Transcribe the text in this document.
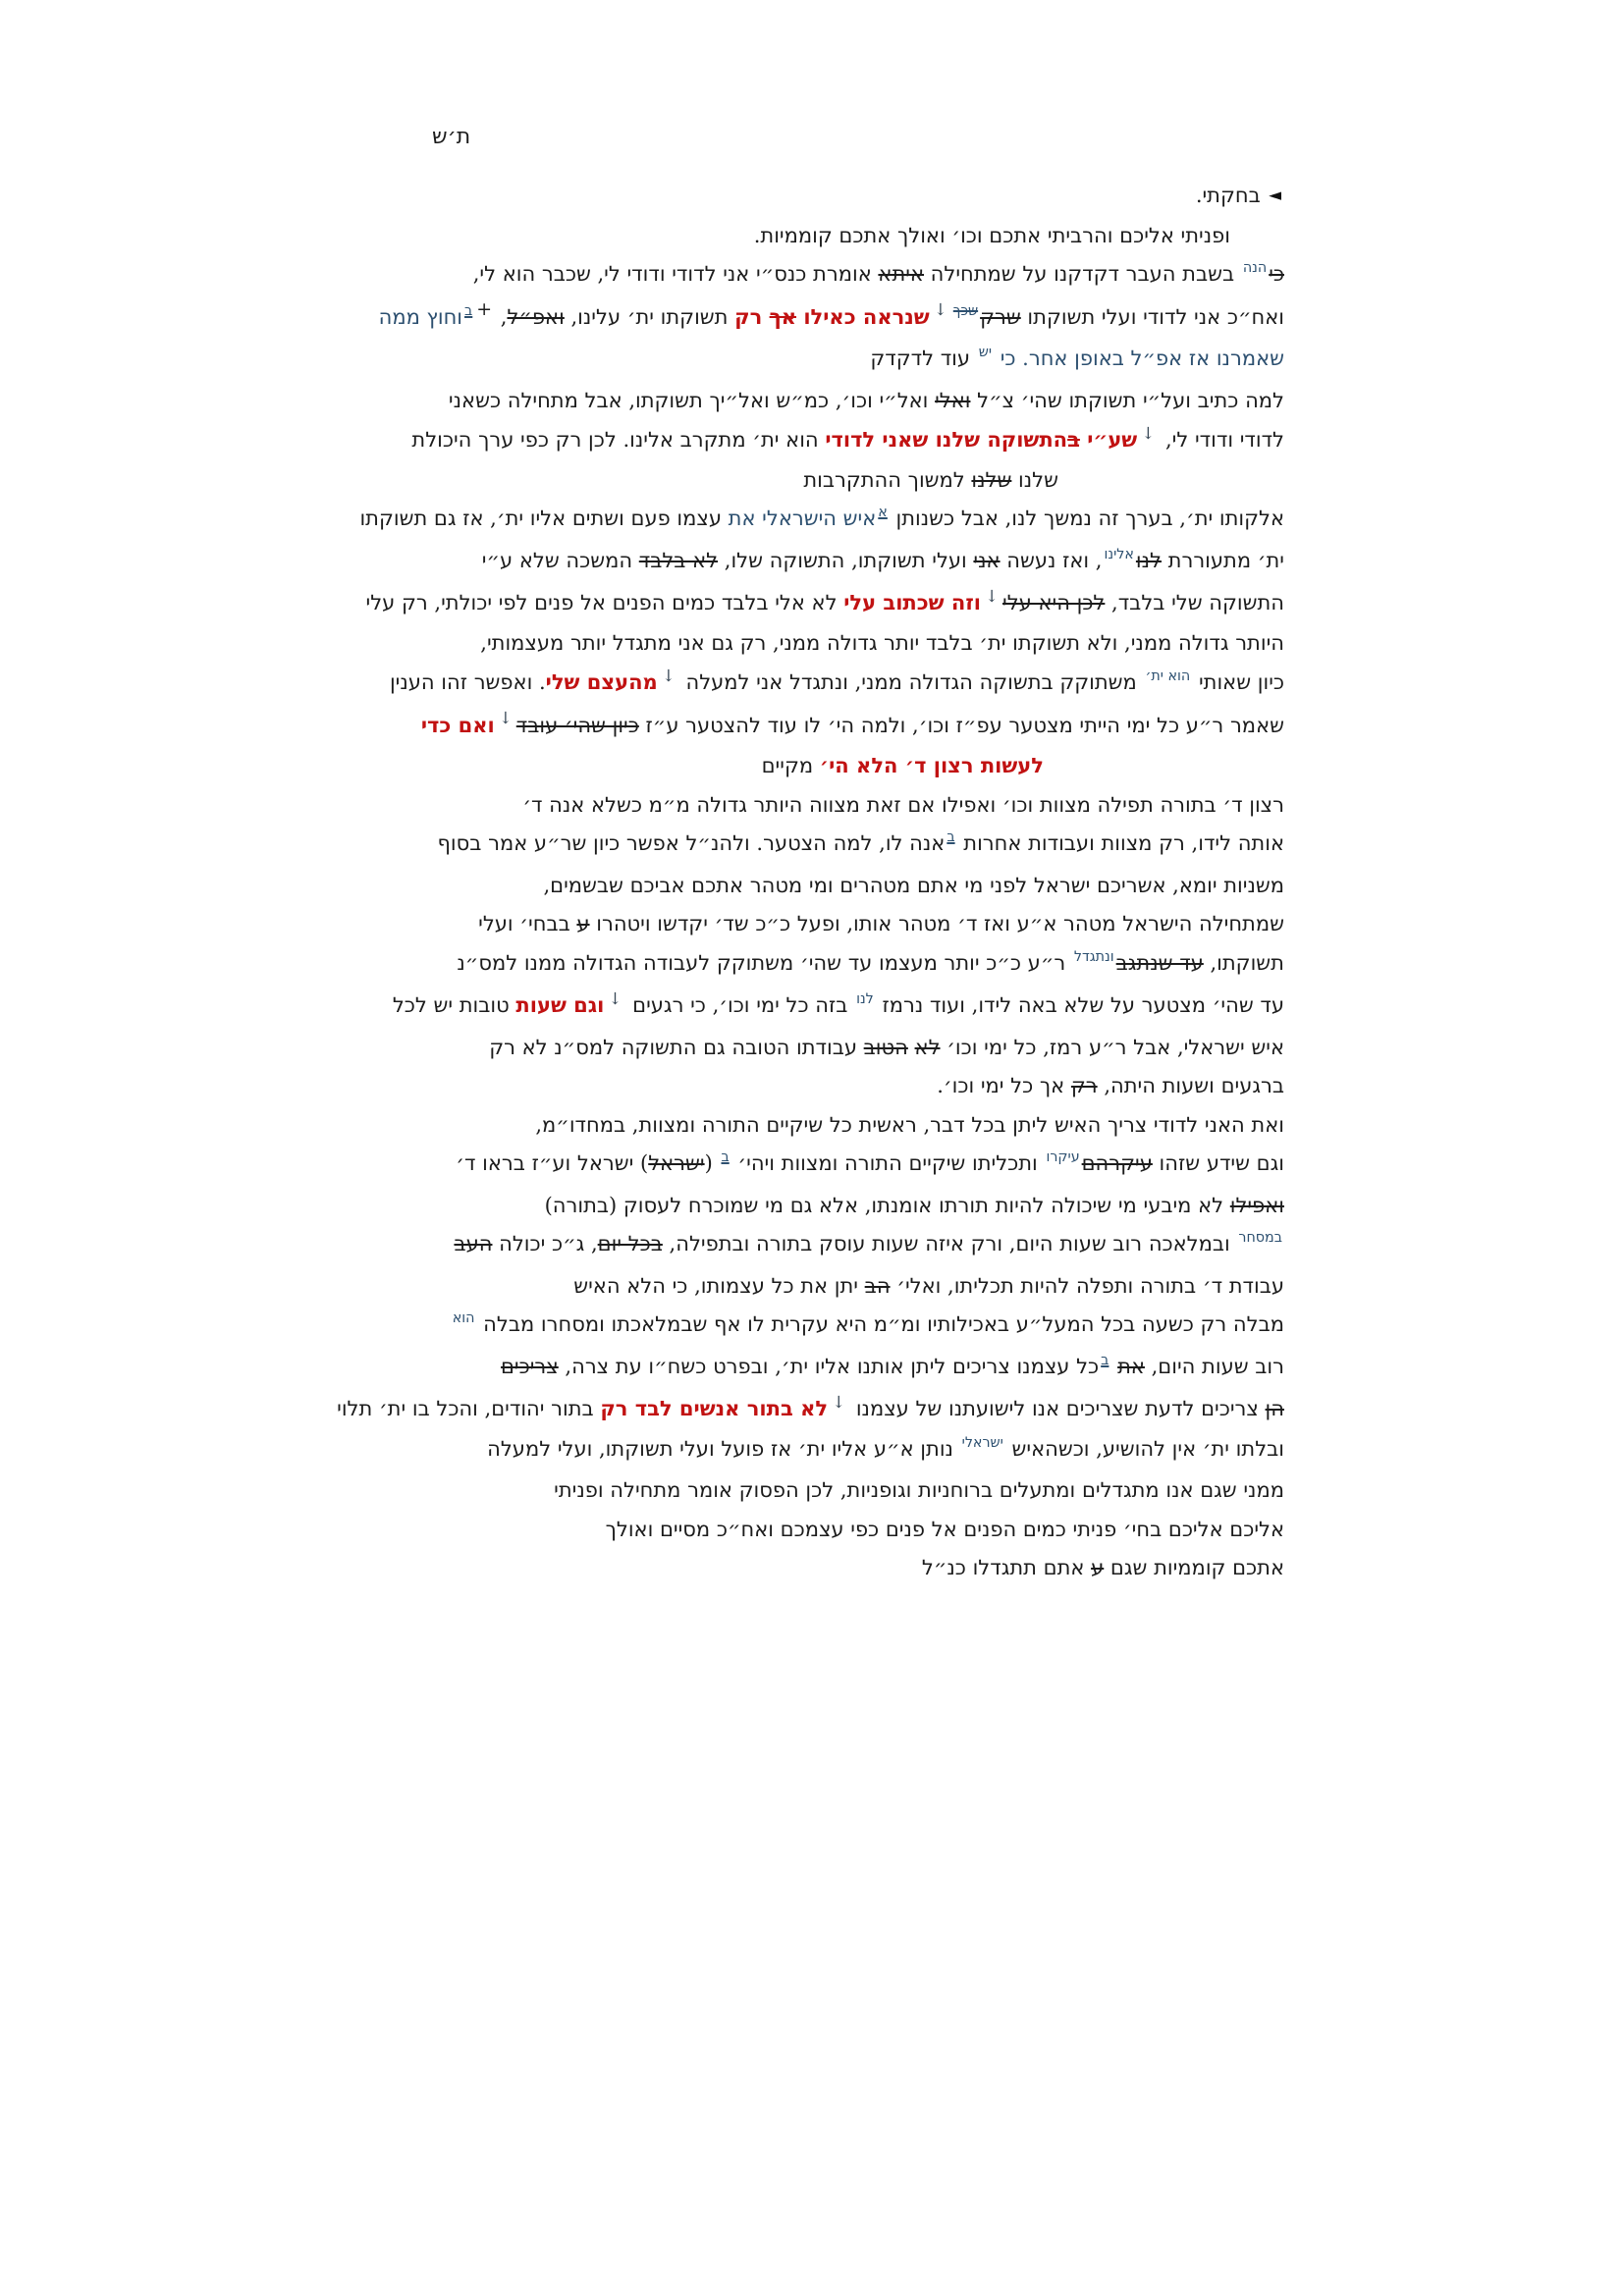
ת׳ש
◄ בחקתי.
ופניתי אליכם והרביתי אתכם וכו׳ ואולך אתכם קוממיות.
כי$^{הנה}$ בשבת העבר דקדקנו על שמתחילה איתא אומרת כנס״י אני לדודי ודודי לי, שכבר הוא לי,
ואח״כ אני לדודי ועלי תשוקתו שרק$^{שכך↓}$שנראה כאילו אך רק תשוקתו ית׳ עלינו, ואפ״ל, +$^ב$וחוץ ממה
שאמרנו אז אפ״ל באופן אחר. כי $^{יש}$ עוד לדקדק
למה כתיב ועל״י תשוקתו שהי׳ צ״ל ואלי ואל״י וכו׳, כמ״ש ואל״יך תשוקתו, אבל מתחילה כשאני
לדודי ודודי לי, ↓שע״י בהתשוקה שלנו שאני לדודי הוא ית׳ מתקרב אלינו. לכן רק כפי ערך היכולת
שלנו שלנו למשוך ההתקרבות
אלקותו ית׳, בערך זה נמשך לנו, אבל כשנותן $^א$איש הישראלי את עצמו פעם ושתים אליו ית׳, אז גם תשוקתו
ית׳ מתעוררת לנו$^{אלינו}$, ואז נעשה אני ועלי תשוקתו, התשוקה שלו, לא בלבד המשכה שלא ע״י
התשוקה שלי בלבד, לכן היא עלי↓וזה שכתוב עלי לא אלי בלבד כמים הפנים אל פנים לפי יכולתי, רק עלי
היותר גדולה ממני, ולא תשוקתו ית׳ בלבד יותר גדולה ממני, רק גם אני מתגדל יותר מעצמותי,
כיון שאותי $^{הוא ית׳}$ משתוקק בתשוקה הגדולה ממני, ונתגדל אני למעלה ↓מהעצם שלי. ואפשר זהו הענין
שאמר ר״ע כל ימי הייתי מצטער עפ״ז וכו׳, ולמה הי׳ לו עוד להצטער ע״ז כיון שהי׳ עובד↓ואם כדי
לעשות רצון ד׳ הלא הי׳ מקיים
רצון ד׳ בתורה תפילה מצוות וכו׳ ואפילו אם זאת מצווה היותר גדולה מ״מ כשלא אנה ד׳
אותה לידו, רק מצוות ועבודות אחרות $^ב$אנה לו, למה הצטער. ולהנ״ל אפשר כיון שר״ע אמר בסוף
משניות יומא, אשריכם ישראל לפני מי אתם מטהרים ומי מטהר אתכם אביכם שבשמים,
שמתחילה הישראל מטהר א״ע ואז ד׳ מטהר אותו, ופעל כ״כ שד׳ יקדשו ויטהרו ע בבחי׳ ועלי
תשוקתו, עד שנתגב$^{ונתגדל}$ ר״ע כ״כ יותר מעצמו עד שהי׳ משתוקק לעבודה הגדולה ממנו למס״נ
עד שהי׳ מצטער על שלא באה לידו, ועוד נרמז $^{לנו}$ בזה כל ימי וכו׳, כי רגעים ↓וגם שעות טובות יש לכל
איש ישראלי, אבל ר״ע רמז, כל ימי וכו׳ לא הטוב עבודתו הטובה גם התשוקה למס״נ לא רק
ברגעים ושעות היתה, רק אך כל ימי וכו׳.
ואת האני לדודי צריך האיש ליתן בכל דבר, ראשית כל שיקיים התורה ומצוות, במחדו״מ,
וגם שידע שזהו עיקרהם$^{עיקרו}$ ותכליתו שיקיים התורה ומצוות ויהי׳ $^ב$ (ישראל) ישראל וע״ז בראו ד׳
ואפילו לא מיבעי מי שיכולה להיות תורתו אומנתו, אלא גם מי שמוכרח לעסוק (בתורה)
$^{במסחר}$ ובמלאכה רוב שעות היום, ורק איזה שעות עוסק בתורה ובתפילה, בכל יום, ג״כ יכולה העב
עבודת ד׳ בתורה ותפלה להיות תכליתו, ואלי׳ הב יתן את כל עצמותו, כי הלא האיש
מבלה רק כשעה בכל המעל״ע באכילותיו ומ״מ היא עקרית לו אף שבמלאכתו ומסחרו מבלה $^{הוא}$
רוב שעות היום, את $^ב$כל עצמנו צריכים ליתן אותנו אליו ית׳, ובפרט כשח״ו עת צרה, צריכים
הן צריכים לדעת שצריכים אנו לישועתנו של עצמנו ↓לא בתור אנשים לבד רק בתור יהודים, והכל בו ית׳ תלוי
ובלתו ית׳ אין להושיע, וכשהאיש $^{ישראלי}$ נותן א״ע אליו ית׳ אז פועל ועלי תשוקתו, ועלי למעלה
ממני שגם אנו מתגדלים ומתעלים ברוחניות וגופניות, לכן הפסוק אומר מתחילה ופניתי
אליכם אליכם בחי׳ פניתי כמים הפנים אל פנים כפי עצמכם ואח״כ מסיים ואולך
אתכם קוממיות שגם ע אתם תתגדלו כנ״ל
